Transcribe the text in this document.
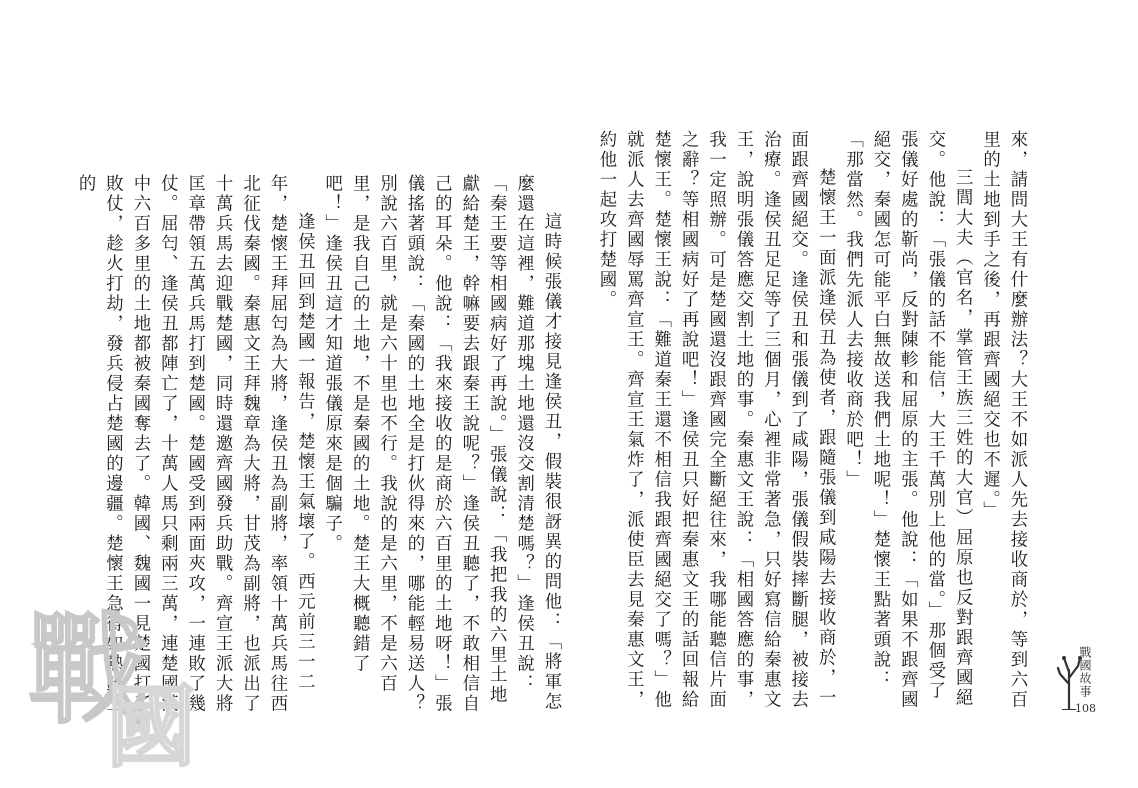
來，請問大王有什麼辦法？大王不如派人先去接收商於，等到六百里的土地到手之後，再跟齊國絕交也不遲。」

三閭大夫（官名，掌管王族三姓的大官）屈原也反對跟齊國絕交。他說：「張儀的話不能信，大王千萬別上他的當。」那個受了張儀好處的靳尚，反對陳軫和屈原的主張。他說：「如果不跟齊國絕交，秦國怎可能平白無故送我們土地呢！」楚懷王點著頭說：「那當然。我們先派人去接收商於吧！」

楚懷王一面派逢侯丑為使者，跟隨張儀到咸陽去接收商於，一面跟齊國絕交。逢侯丑和張儀到了咸陽，張儀假裝摔斷腿，被接去治療。逢侯丑足足等了三個月，心裡非常著急，只好寫信給秦惠文王，說明張儀答應交割土地的事。秦惠文王說：「相國答應的事，我一定照辦。可是楚國還沒跟齊國完全斷絕往來，我哪能聽信片面之辭？等相國病好了再說吧！」逢侯丑只好把秦惠文王的話回報給楚懷王。楚懷王說：「難道秦王還不相信我跟齊國絕交了嗎？」他就派人去齊國辱罵齊宣王。齊宣王氣炸了，派使臣去見秦惠文王，約他一起攻打楚國。

戰國故事
108

這時候張儀才接見逢侯丑，假裝很訝異的問他：「將軍怎麼還在這裡，難道那塊土地還沒交割清楚嗎？」逢侯丑說：「秦王要等相國病好了再說。」張儀說：「我把我的六里土地獻給楚王，幹嘛要去跟秦王說呢？」逢侯丑聽了，不敢相信自己的耳朵。他說：「我來接收的是商於六百里的土地呀！」張儀搖著頭說：「秦國的土地全是打伙得來的，哪能輕易送人？別說六百里，就是六十里也不行。我說的是六里，不是六百里，是我自己的土地，不是秦國的土地。楚王大概聽錯了吧！」逢侯丑這才知道張儀原來是個騙子。

逢侯丑回到楚國一報告，楚懷王氣壞了。西元前三一二年，楚懷王拜屈匄為大將，逢侯丑為副將，率領十萬兵馬往西北征伐秦國。秦惠文王拜魏章為大將，甘茂為副將，也派出了十萬兵馬去迎戰楚國，同時還邀齊國發兵助戰。齊宣王派大將匡章帶領五萬兵馬打到楚國。楚國受到兩面夾攻，一連敗了幾仗。屈匄、逢侯丑都陣亡了，十萬人馬只剩兩三萬，連楚國漢中六百多里的土地都被秦國奪去了。韓國、魏國一見楚國打了敗仗，趁火打劫，發兵侵占楚國的邊疆。楚懷王急得如熱鍋上的

戰
國
